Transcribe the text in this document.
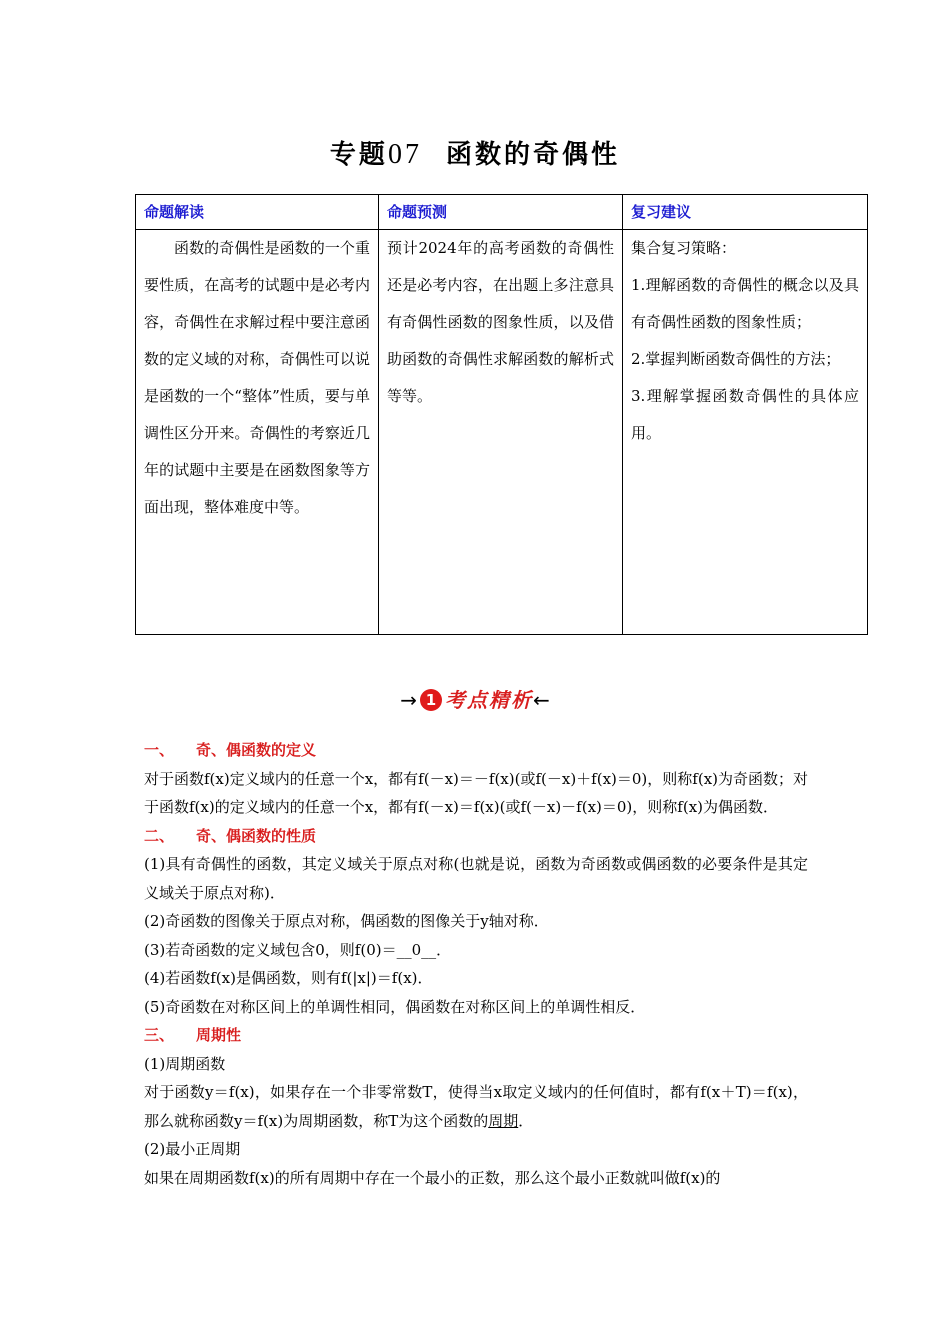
专题07 函数的奇偶性
命题解读	命题预测	复习建议

函数的奇偶性是函数的一个重要性质，在高考的试题中是必考内容，奇偶性在求解过程中要注意函数的定义域的对称，奇偶性可以说是函数的一个“整体”性质，要与单调性区分开来。奇偶性的考察近几年的试题中主要是在函数图象等方面出现，整体难度中等。	预计2024年的高考函数的奇偶性还是必考内容，在出题上多注意具有奇偶性函数的图象性质，以及借助函数的奇偶性求解函数的解析式等等。	集合复习策略：

1.理解函数的奇偶性的概念以及具有奇偶性函数的图象性质；

2.掌握判断函数奇偶性的方法；

3.理解掌握函数奇偶性的具体应用。

→ 1 考点精析←

一、 奇、偶函数的定义

对于函数f(x)定义域内的任意一个x，都有f(－x)＝－f(x)(或f(－x)＋f(x)＝0)，则称f(x)为奇函数；对于函数f(x)的定义域内的任意一个x，都有f(－x)＝f(x)(或f(－x)－f(x)＝0)，则称f(x)为偶函数．

二、 奇、偶函数的性质

(1)具有奇偶性的函数，其定义域关于原点对称(也就是说，函数为奇函数或偶函数的必要条件是其定义域关于原点对称)．

(2)奇函数的图像关于原点对称，偶函数的图像关于y轴对称．

(3)若奇函数的定义域包含0，则f(0)＝__0__．

(4)若函数f(x)是偶函数，则有f(|x|)＝f(x)．

(5)奇函数在对称区间上的单调性相同，偶函数在对称区间上的单调性相反．

三、 周期性

(1)周期函数

对于函数y＝f(x)，如果存在一个非零常数T，使得当x取定义域内的任何值时，都有f(x＋T)＝f(x)，那么就称函数y＝f(x)为周期函数，称T为这个函数的周期．

(2)最小正周期

如果在周期函数f(x)的所有周期中存在一个最小的正数，那么这个最小正数就叫做f(x)的
